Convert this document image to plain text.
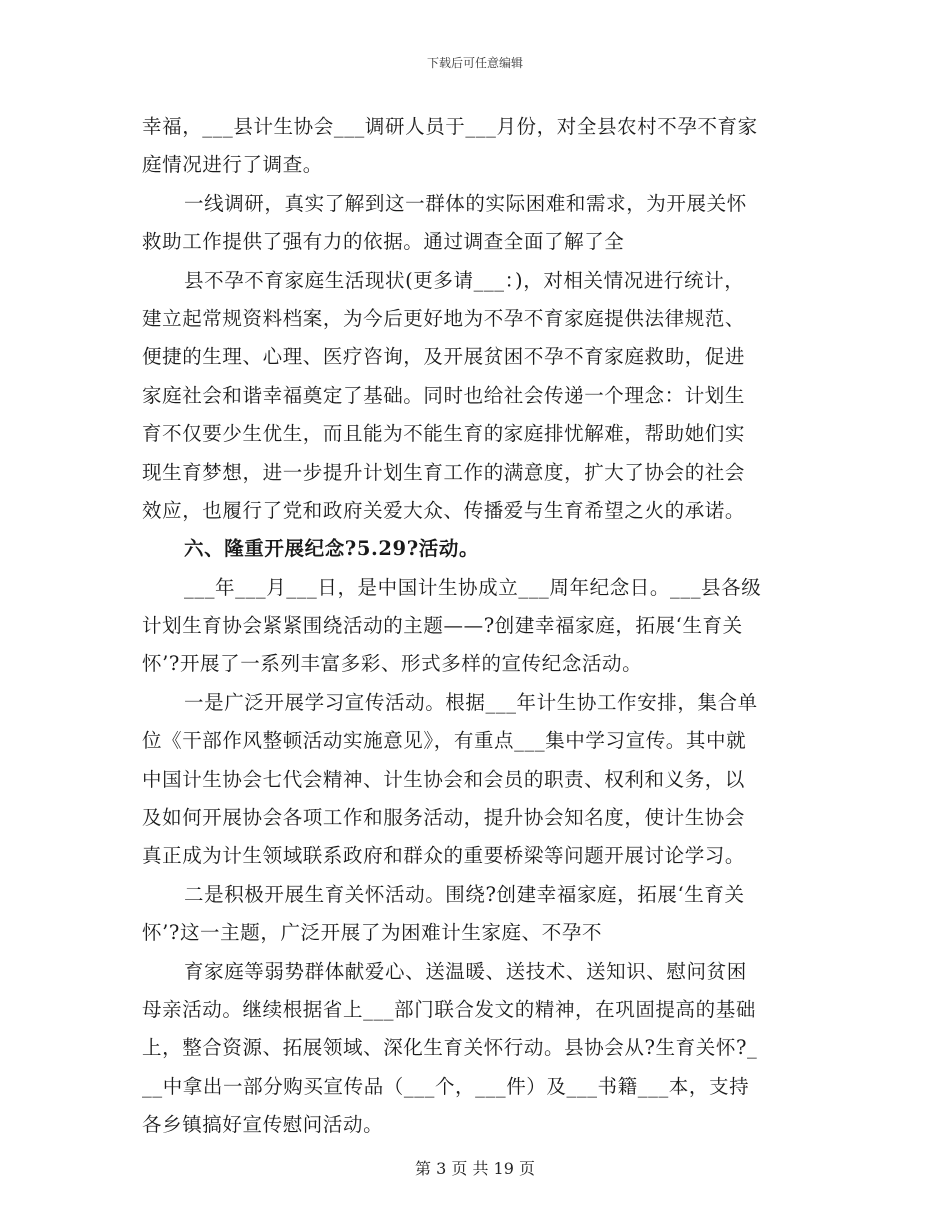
下载后可任意编辑
幸福，___县计生协会___调研人员于___月份，对全县农村不孕不育家
庭情况进行了调查。
一线调研，真实了解到这一群体的实际困难和需求，为开展关怀
救助工作提供了强有力的依据。通过调查全面了解了全
县不孕不育家庭生活现状(更多请___：)，对相关情况进行统计，
建立起常规资料档案，为今后更好地为不孕不育家庭提供法律规范、
便捷的生理、心理、医疗咨询，及开展贫困不孕不育家庭救助，促进
家庭社会和谐幸福奠定了基础。同时也给社会传递一个理念：计划生
育不仅要少生优生，而且能为不能生育的家庭排忧解难，帮助她们实
现生育梦想，进一步提升计划生育工作的满意度，扩大了协会的社会
效应，也履行了党和政府关爱大众、传播爱与生育希望之火的承诺。
六、隆重开展纪念?5.29?活动。
___年___月___日，是中国计生协成立___周年纪念日。___县各级
计划生育协会紧紧围绕活动的主题——?创建幸福家庭，拓展‘生育关
怀’?开展了一系列丰富多彩、形式多样的宣传纪念活动。
一是广泛开展学习宣传活动。根据___年计生协工作安排，集合单
位《干部作风整顿活动实施意见》，有重点___集中学习宣传。其中就
中国计生协会七代会精神、计生协会和会员的职责、权利和义务，以
及如何开展协会各项工作和服务活动，提升协会知名度，使计生协会
真正成为计生领域联系政府和群众的重要桥梁等问题开展讨论学习。
二是积极开展生育关怀活动。围绕?创建幸福家庭，拓展‘生育关
怀’?这一主题，广泛开展了为困难计生家庭、不孕不
育家庭等弱势群体献爱心、送温暖、送技术、送知识、慰问贫困
母亲活动。继续根据省上___部门联合发文的精神，在巩固提高的基础
上，整合资源、拓展领域、深化生育关怀行动。县协会从?生育关怀?_
__中拿出一部分购买宣传品（___个，___件）及___书籍___本，支持
各乡镇搞好宣传慰问活动。
第 3 页 共 19 页
